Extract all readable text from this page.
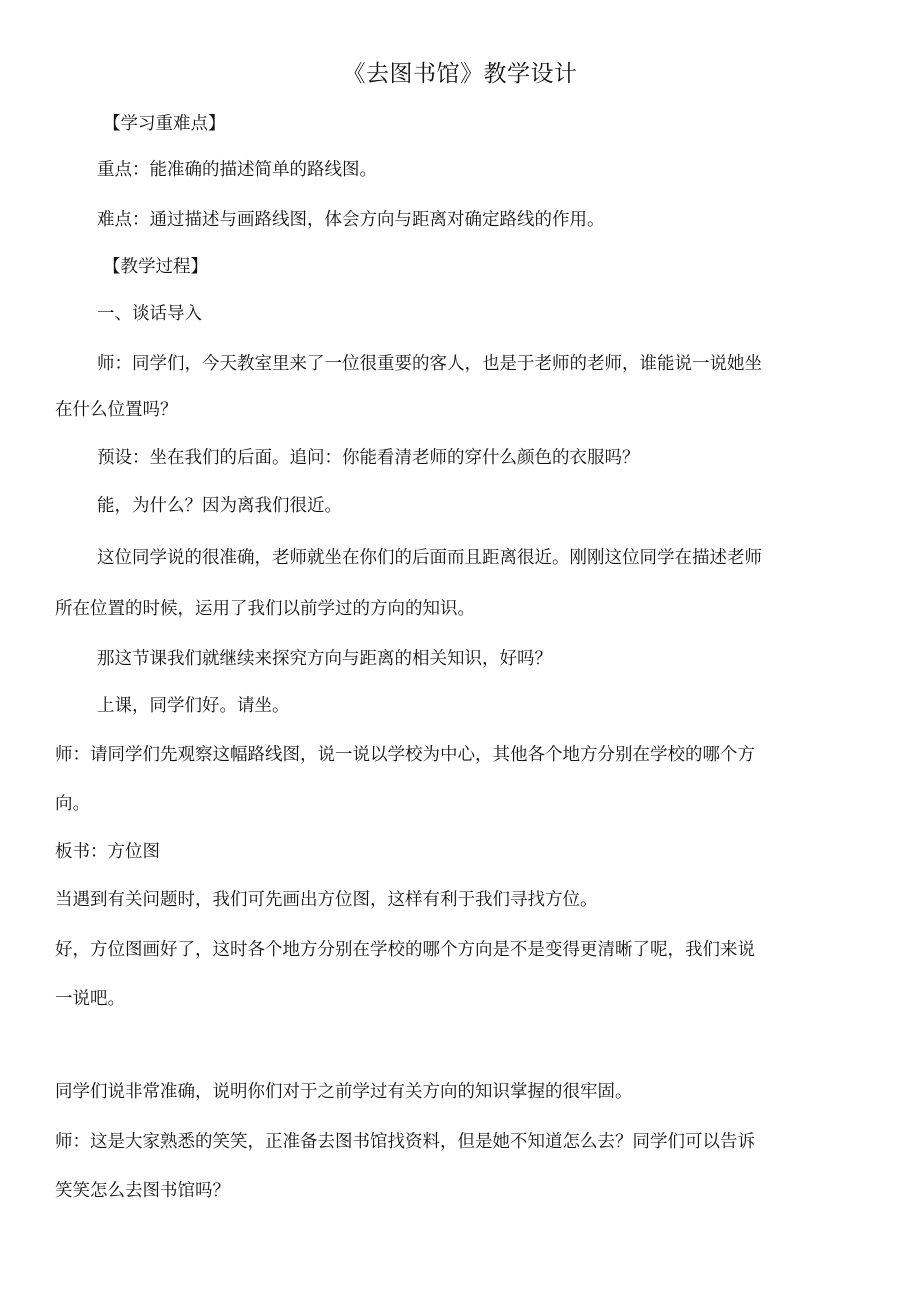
《去图书馆》教学设计

【学习重难点】

重点：能准确的描述简单的路线图。

难点：通过描述与画路线图，体会方向与距离对确定路线的作用。

【教学过程】

一、谈话导入

师：同学们，今天教室里来了一位很重要的客人，也是于老师的老师，谁能说一说她坐

在什么位置吗？

预设：坐在我们的后面。追问：你能看清老师的穿什么颜色的衣服吗？

能，为什么？因为离我们很近。

这位同学说的很准确，老师就坐在你们的后面而且距离很近。刚刚这位同学在描述老师

所在位置的时候，运用了我们以前学过的方向的知识。

那这节课我们就继续来探究方向与距离的相关知识，好吗？

上课，同学们好。请坐。

师：请同学们先观察这幅路线图，说一说以学校为中心，其他各个地方分别在学校的哪个方

向。

板书：方位图

当遇到有关问题时，我们可先画出方位图，这样有利于我们寻找方位。

好，方位图画好了，这时各个地方分别在学校的哪个方向是不是变得更清晰了呢，我们来说

一说吧。

同学们说非常准确，说明你们对于之前学过有关方向的知识掌握的很牢固。

师：这是大家熟悉的笑笑，正准备去图书馆找资料，但是她不知道怎么去？同学们可以告诉

笑笑怎么去图书馆吗？
